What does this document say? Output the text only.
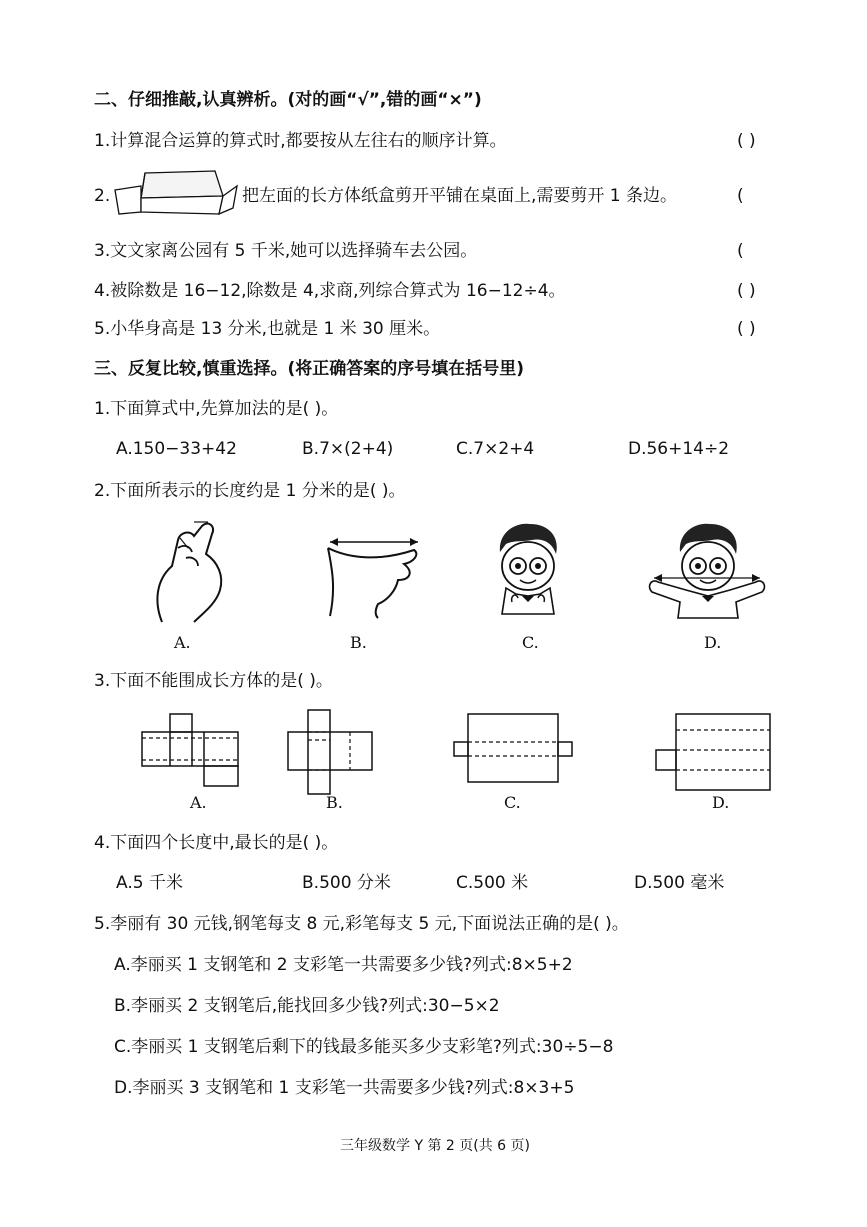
二、仔细推敲,认真辨析。(对的画“√”,错的画“×”)
1.计算混合运算的算式时,都要按从左往右的顺序计算。	( )
2.	把左面的长方体纸盒剪开平铺在桌面上,需要剪开 1 条边。	(
3.文文家离公园有 5 千米,她可以选择骑车去公园。	(
4.被除数是 16−12,除数是 4,求商,列综合算式为 16−12÷4。	( )
5.小华身高是 13 分米,也就是 1 米 30 厘米。	( )
三、反复比较,慎重选择。(将正确答案的序号填在括号里)
1.下面算式中,先算加法的是( )。
A.150−33+42	B.7×(2+4)	C.7×2+4	D.56+14÷2
2.下面所表示的长度约是 1 分米的是( )。
A.	B.	C.	D.
3.下面不能围成长方体的是( )。
A.	B.	C.	D.
4.下面四个长度中,最长的是( )。
A.5 千米	B.500 分米	C.500 米	D.500 毫米
5.李丽有 30 元钱,钢笔每支 8 元,彩笔每支 5 元,下面说法正确的是( )。
A.李丽买 1 支钢笔和 2 支彩笔一共需要多少钱?列式:8×5+2
B.李丽买 2 支钢笔后,能找回多少钱?列式:30−5×2
C.李丽买 1 支钢笔后剩下的钱最多能买多少支彩笔?列式:30÷5−8
D.李丽买 3 支钢笔和 1 支彩笔一共需要多少钱?列式:8×3+5
三年级数学 Y 第 2 页(共 6 页)
